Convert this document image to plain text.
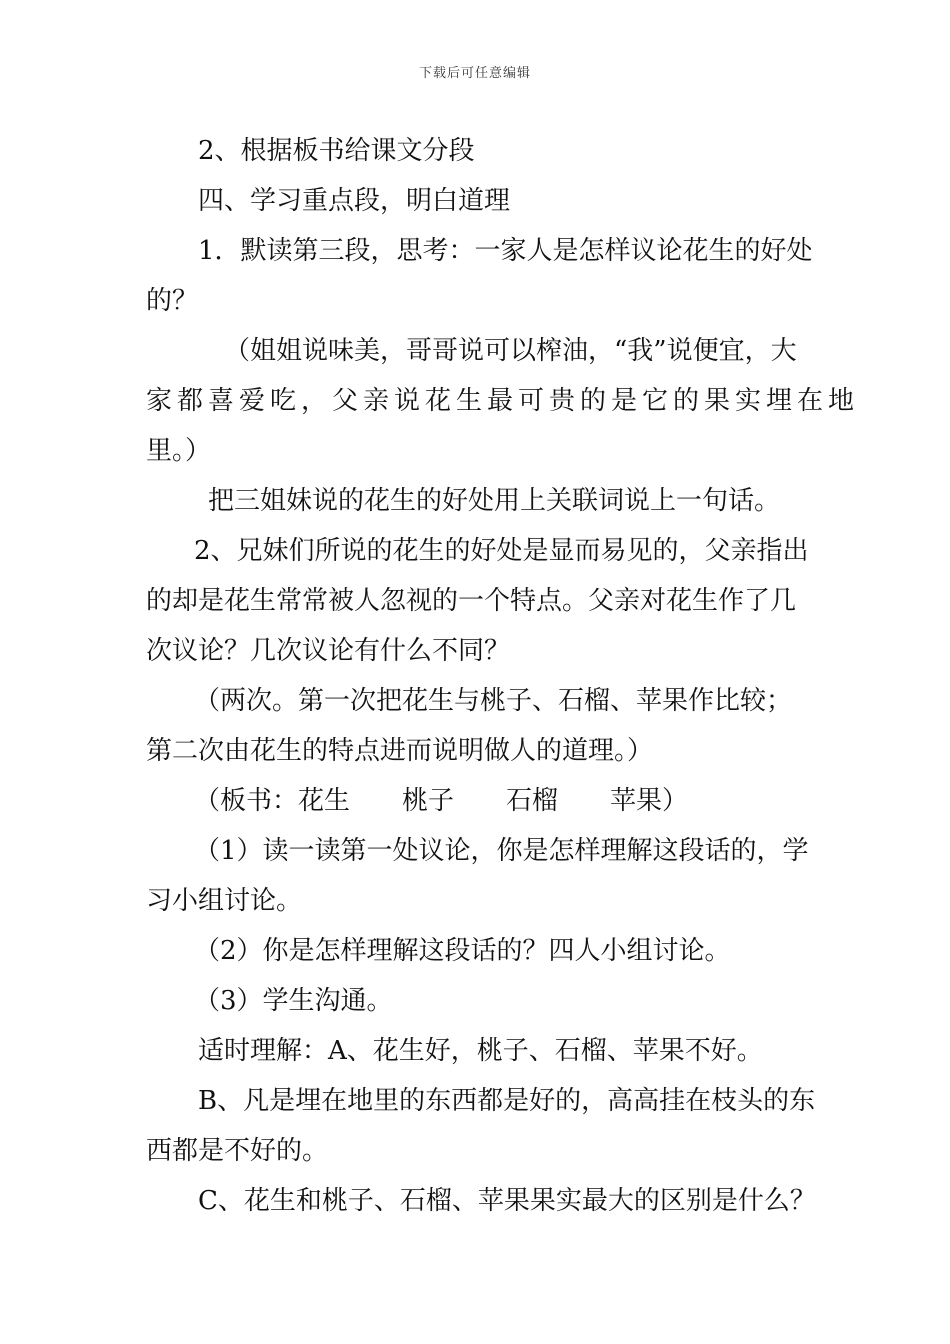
下载后可任意编辑
2、根据板书给课文分段
四、学习重点段，明白道理
1．默读第三段，思考：一家人是怎样议论花生的好处
的？
（姐姐说味美，哥哥说可以榨油，“我”说便宜，大
家都喜爱吃，父亲说花生最可贵的是它的果实埋在地
里。）
把三姐妹说的花生的好处用上关联词说上一句话。
2、兄妹们所说的花生的好处是显而易见的，父亲指出
的却是花生常常被人忽视的一个特点。父亲对花生作了几
次议论？几次议论有什么不同？
（两次。第一次把花生与桃子、石榴、苹果作比较；
第二次由花生的特点进而说明做人的道理。）
（板书：花生　　桃子　　石榴　　苹果）
（1）读一读第一处议论，你是怎样理解这段话的，学
习小组讨论。
（2）你是怎样理解这段话的？四人小组讨论。
（3）学生沟通。
适时理解：A、花生好，桃子、石榴、苹果不好。
B、凡是埋在地里的东西都是好的，高高挂在枝头的东
西都是不好的。
C、花生和桃子、石榴、苹果果实最大的区别是什么？
